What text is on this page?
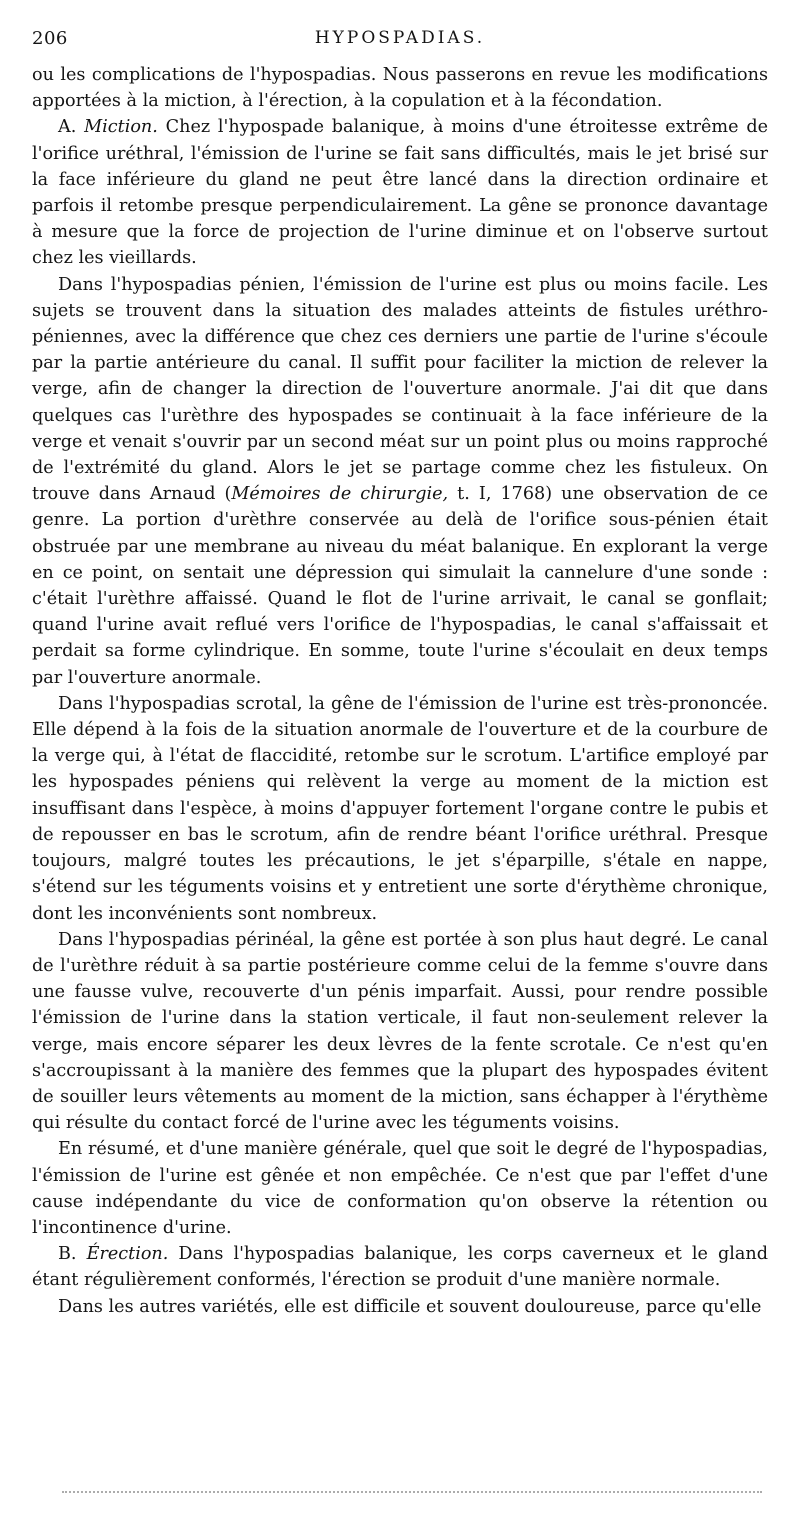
206	HYPOSPADIAS.

ou les complications de l'hypospadias. Nous passerons en revue les modifications apportées à la miction, à l'érection, à la copulation et à la fécondation.

A. Miction. Chez l'hypospade balanique, à moins d'une étroitesse extrême de l'orifice uréthral, l'émission de l'urine se fait sans difficultés, mais le jet brisé sur la face inférieure du gland ne peut être lancé dans la direction ordinaire et parfois il retombe presque perpendiculairement. La gêne se prononce davantage à mesure que la force de projection de l'urine diminue et on l'observe surtout chez les vieillards.

Dans l'hypospadias pénien, l'émission de l'urine est plus ou moins facile. Les sujets se trouvent dans la situation des malades atteints de fistules uréthro-péniennes, avec la différence que chez ces derniers une partie de l'urine s'écoule par la partie antérieure du canal. Il suffit pour faciliter la miction de relever la verge, afin de changer la direction de l'ouverture anormale. J'ai dit que dans quelques cas l'urèthre des hypospades se continuait à la face inférieure de la verge et venait s'ouvrir par un second méat sur un point plus ou moins rapproché de l'extrémité du gland. Alors le jet se partage comme chez les fistuleux. On trouve dans Arnaud (Mémoires de chirurgie, t. I, 1768) une observation de ce genre. La portion d'urèthre conservée au delà de l'orifice sous-pénien était obstruée par une membrane au niveau du méat balanique. En explorant la verge en ce point, on sentait une dépression qui simulait la cannelure d'une sonde : c'était l'urèthre affaissé. Quand le flot de l'urine arrivait, le canal se gonflait; quand l'urine avait reflué vers l'orifice de l'hypospadias, le canal s'affaissait et perdait sa forme cylindrique. En somme, toute l'urine s'écoulait en deux temps par l'ouverture anormale.

Dans l'hypospadias scrotal, la gêne de l'émission de l'urine est très-prononcée. Elle dépend à la fois de la situation anormale de l'ouverture et de la courbure de la verge qui, à l'état de flaccidité, retombe sur le scrotum. L'artifice employé par les hypospades péniens qui relèvent la verge au moment de la miction est insuffisant dans l'espèce, à moins d'appuyer fortement l'organe contre le pubis et de repousser en bas le scrotum, afin de rendre béant l'orifice uréthral. Presque toujours, malgré toutes les précautions, le jet s'éparpille, s'étale en nappe, s'étend sur les téguments voisins et y entretient une sorte d'érythème chronique, dont les inconvénients sont nombreux.

Dans l'hypospadias périnéal, la gêne est portée à son plus haut degré. Le canal de l'urèthre réduit à sa partie postérieure comme celui de la femme s'ouvre dans une fausse vulve, recouverte d'un pénis imparfait. Aussi, pour rendre possible l'émission de l'urine dans la station verticale, il faut non-seulement relever la verge, mais encore séparer les deux lèvres de la fente scrotale. Ce n'est qu'en s'accroupissant à la manière des femmes que la plupart des hypospades évitent de souiller leurs vêtements au moment de la miction, sans échapper à l'érythème qui résulte du contact forcé de l'urine avec les téguments voisins.

En résumé, et d'une manière générale, quel que soit le degré de l'hypospadias, l'émission de l'urine est gênée et non empêchée. Ce n'est que par l'effet d'une cause indépendante du vice de conformation qu'on observe la rétention ou l'incontinence d'urine.

B. Érection. Dans l'hypospadias balanique, les corps caverneux et le gland étant régulièrement conformés, l'érection se produit d'une manière normale.

Dans les autres variétés, elle est difficile et souvent douloureuse, parce qu'elle
